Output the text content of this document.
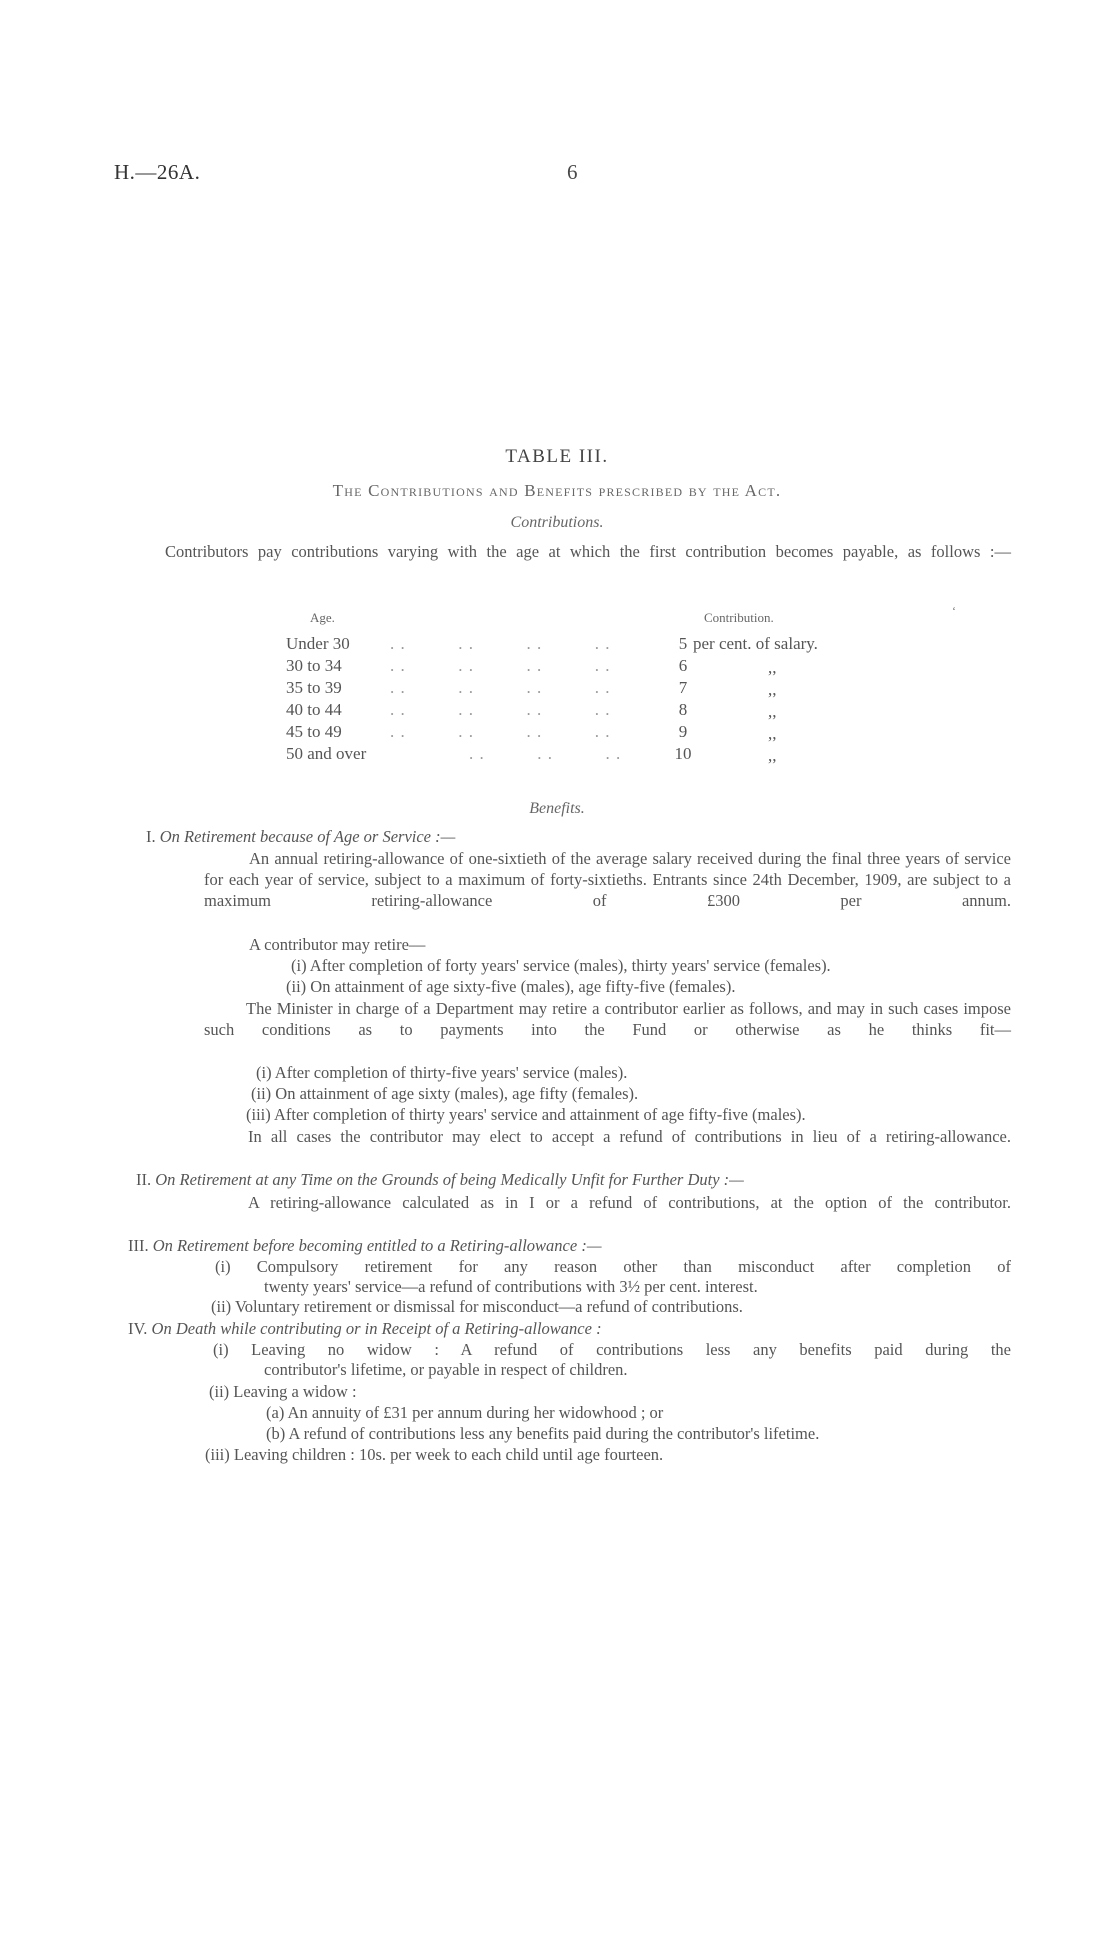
H.—26A.	6
TABLE III.
The Contributions and Benefits prescribed by the Act.
Contributions.
Contributors pay contributions varying with the age at which the first contribution becomes payable, as follows :—
Age.	Contribution.	‘
Under 30 . .          . .          . .          . .	5 per cent. of salary.
30 to 34	. .          . .          . .          . .	6	,,
35 to 39	. .          . .          . .          . .	7	,,
40 to 44	. .          . .          . .          . .	8	,,
45 to 49	. .          . .          . .          . .	9	,,
50 and over	. .          . .          . .	10	,,
Benefits.
I. On Retirement because of Age or Service :—
An annual retiring-allowance of one-sixtieth of the average salary received during the final three years of service for each year of service, subject to a maximum of forty-sixtieths. Entrants since 24th December, 1909, are subject to a maximum retiring-allowance of £300 per annum.
A contributor may retire—
(i) After completion of forty years' service (males), thirty years' service (females).
(ii) On attainment of age sixty-five (males), age fifty-five (females).
The Minister in charge of a Department may retire a contributor earlier as follows, and may in such cases impose such conditions as to payments into the Fund or otherwise as he thinks fit—
(i) After completion of thirty-five years' service (males).
(ii) On attainment of age sixty (males), age fifty (females).
(iii) After completion of thirty years' service and attainment of age fifty-five (males).
In all cases the contributor may elect to accept a refund of contributions in lieu of a retiring-allowance.
II. On Retirement at any Time on the Grounds of being Medically Unfit for Further Duty :—
A retiring-allowance calculated as in I or a refund of contributions, at the option of the contributor.
III. On Retirement before becoming entitled to a Retiring-allowance :—
(i) Compulsory retirement for any reason other than misconduct after completion of
twenty years' service—a refund of contributions with 3½ per cent. interest.
(ii) Voluntary retirement or dismissal for misconduct—a refund of contributions.
IV. On Death while contributing or in Receipt of a Retiring-allowance :
(i) Leaving no widow : A refund of contributions less any benefits paid during the
contributor's lifetime, or payable in respect of children.
(ii) Leaving a widow :
(a) An annuity of £31 per annum during her widowhood ; or
(b) A refund of contributions less any benefits paid during the contributor's lifetime.
(iii) Leaving children : 10s. per week to each child until age fourteen.
